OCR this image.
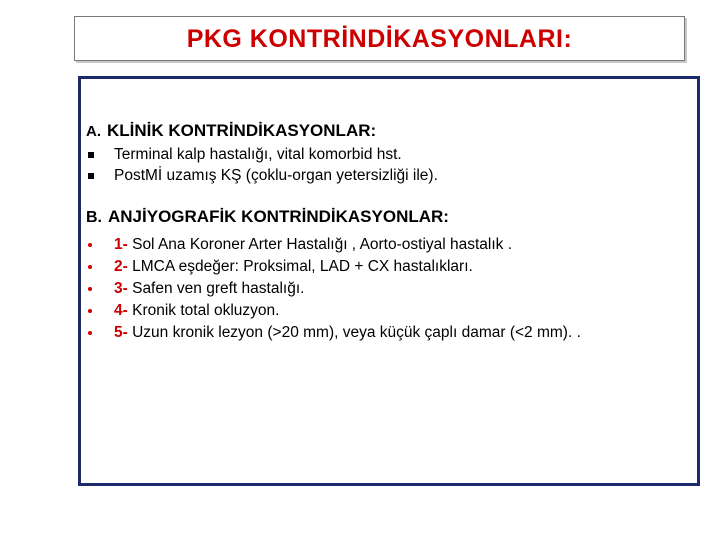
PKG KONTRİNDİKASYONLARI:
A. KLİNİK KONTRİNDİKASYONLAR:
Terminal kalp hastalığı, vital komorbid hst.
PostMİ uzamış KŞ (çoklu-organ yetersizliği ile).
B. ANJİYOGRAFİK KONTRİNDİKASYONLAR:
1- Sol Ana Koroner Arter Hastalığı , Aorto-ostiyal hastalık .
2- LMCA eşdeğer: Proksimal, LAD + CX hastalıkları.
3- Safen ven greft hastalığı.
4- Kronik total okluzyon.
5- Uzun kronik lezyon (>20 mm), veya küçük çaplı damar (<2 mm). .
